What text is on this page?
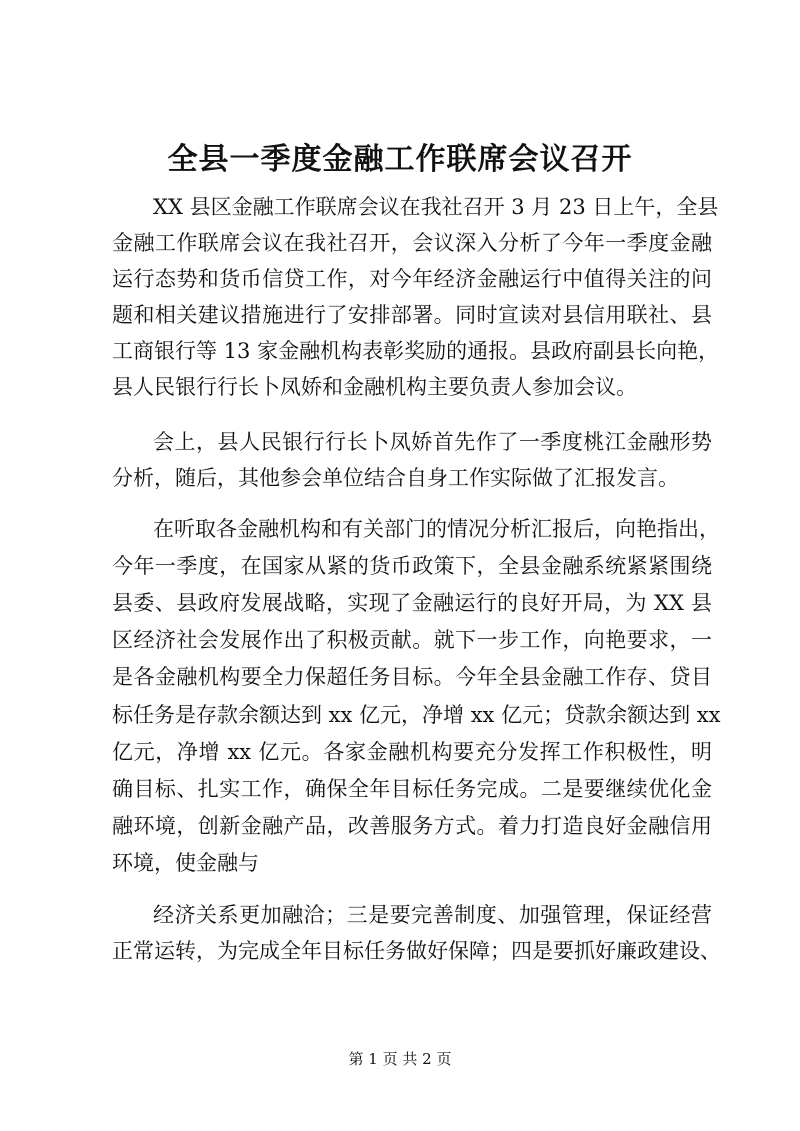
全县一季度金融工作联席会议召开
XX 县区金融工作联席会议在我社召开 3 月 23 日上午，全县
金融工作联席会议在我社召开，会议深入分析了今年一季度金融
运行态势和货币信贷工作，对今年经济金融运行中值得关注的问
题和相关建议措施进行了安排部署。同时宣读对县信用联社、县
工商银行等 13 家金融机构表彰奖励的通报。县政府副县长向艳，
县人民银行行长卜凤娇和金融机构主要负责人参加会议。
会上，县人民银行行长卜凤娇首先作了一季度桃江金融形势
分析，随后，其他参会单位结合自身工作实际做了汇报发言。
在听取各金融机构和有关部门的情况分析汇报后，向艳指出，
今年一季度，在国家从紧的货币政策下，全县金融系统紧紧围绕
县委、县政府发展战略，实现了金融运行的良好开局，为 XX 县
区经济社会发展作出了积极贡献。就下一步工作，向艳要求，一
是各金融机构要全力保超任务目标。今年全县金融工作存、贷目
标任务是存款余额达到 xx 亿元，净增 xx 亿元；贷款余额达到 xx
亿元，净增 xx 亿元。各家金融机构要充分发挥工作积极性，明
确目标、扎实工作，确保全年目标任务完成。二是要继续优化金
融环境，创新金融产品，改善服务方式。着力打造良好金融信用
环境，使金融与
经济关系更加融洽；三是要完善制度、加强管理，保证经营
正常运转，为完成全年目标任务做好保障；四是要抓好廉政建设、
第 1 页 共 2 页
